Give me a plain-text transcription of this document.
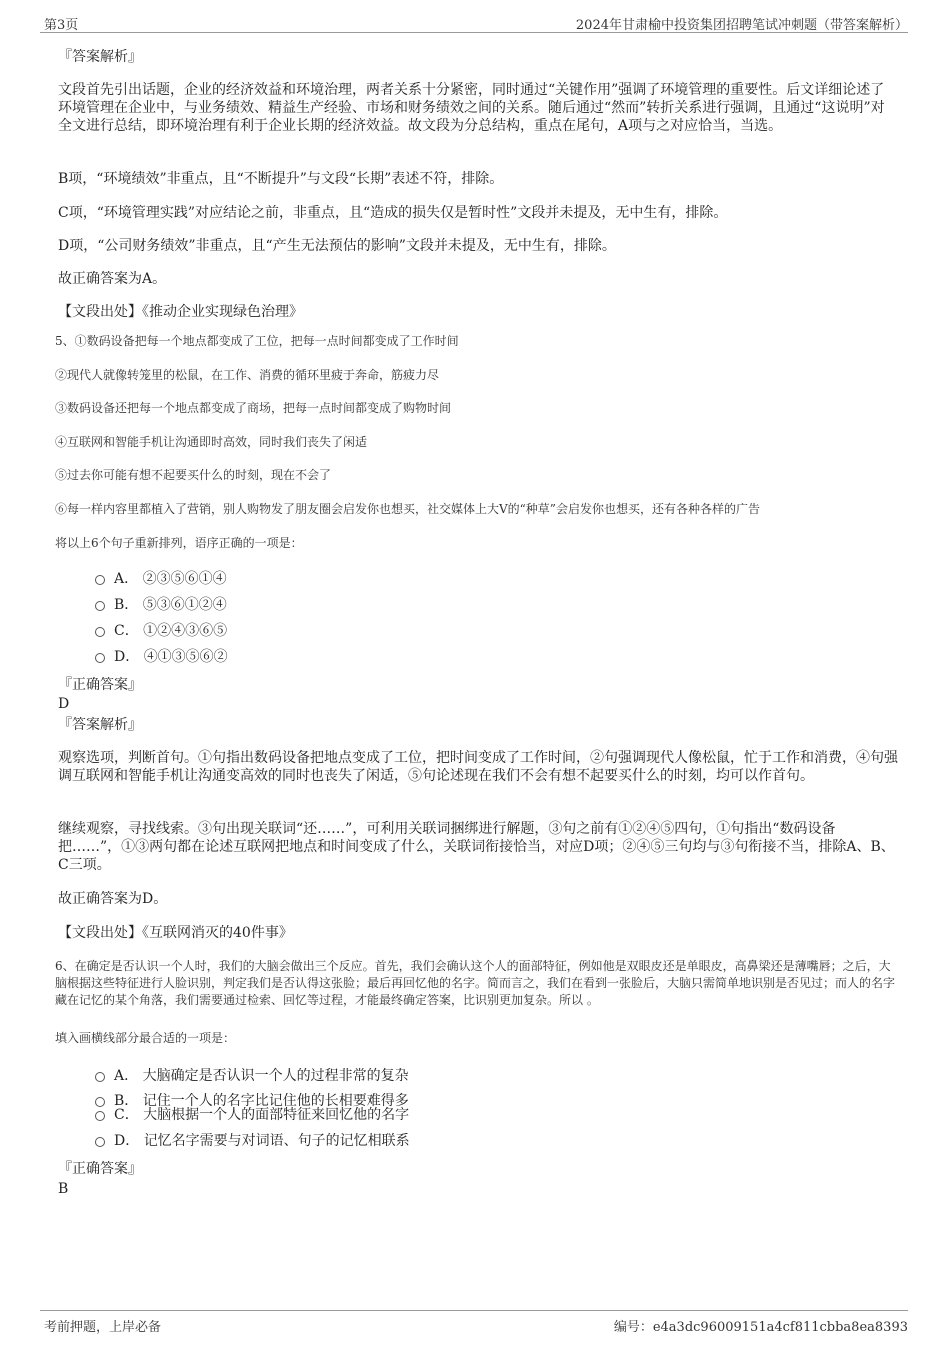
第3页	2024年甘肃榆中投资集团招聘笔试冲刺题（带答案解析）
『答案解析』
文段首先引出话题，企业的经济效益和环境治理，两者关系十分紧密，同时通过“关键作用”强调了环境管理的重要性。后文详细论述了环境管理在企业中，与业务绩效、精益生产经验、市场和财务绩效之间的关系。随后通过“然而”转折关系进行强调，且通过“这说明”对全文进行总结，即环境治理有利于企业长期的经济效益。故文段为分总结构，重点在尾句，A项与之对应恰当，当选。
B项，“环境绩效”非重点，且“不断提升”与文段“长期”表述不符，排除。
C项，“环境管理实践”对应结论之前，非重点，且“造成的损失仅是暂时性”文段并未提及，无中生有，排除。
D项，“公司财务绩效”非重点，且“产生无法预估的影响”文段并未提及，无中生有，排除。
故正确答案为A。
【文段出处】《推动企业实现绿色治理》
5、①数码设备把每一个地点都变成了工位，把每一点时间都变成了工作时间
②现代人就像转笼里的松鼠，在工作、消费的循环里疲于奔命，筋疲力尽
③数码设备还把每一个地点都变成了商场，把每一点时间都变成了购物时间
④互联网和智能手机让沟通即时高效，同时我们丧失了闲适
⑤过去你可能有想不起要买什么的时刻，现在不会了
⑥每一样内容里都植入了营销，别人购物发了朋友圈会启发你也想买，社交媒体上大V的“种草”会启发你也想买，还有各种各样的广告
将以上6个句子重新排列，语序正确的一项是：
A． ②③⑤⑥①④
B． ⑤③⑥①②④
C． ①②④③⑥⑤
D． ④①③⑤⑥②
『正确答案』
D
『答案解析』
观察选项，判断首句。①句指出数码设备把地点变成了工位，把时间变成了工作时间，②句强调现代人像松鼠，忙于工作和消费，④句强调互联网和智能手机让沟通变高效的同时也丧失了闲适，⑤句论述现在我们不会有想不起要买什么的时刻，均可以作首句。
继续观察，寻找线索。③句出现关联词“还……”，可利用关联词捆绑进行解题，③句之前有①②④⑤四句，①句指出“数码设备把……”，①③两句都在论述互联网把地点和时间变成了什么，关联词衔接恰当，对应D项；②④⑤三句均与③句衔接不当，排除A、B、C三项。
故正确答案为D。
【文段出处】《互联网消灭的40件事》
6、在确定是否认识一个人时，我们的大脑会做出三个反应。首先，我们会确认这个人的面部特征，例如他是双眼皮还是单眼皮，高鼻梁还是薄嘴唇；之后，大脑根据这些特征进行人脸识别，判定我们是否认得这张脸；最后再回忆他的名字。简而言之，我们在看到一张脸后，大脑只需简单地识别是否见过；而人的名字藏在记忆的某个角落，我们需要通过检索、回忆等过程，才能最终确定答案，比识别更加复杂。所以 。
填入画横线部分最合适的一项是：
A． 大脑确定是否认识一个人的过程非常的复杂
B． 记住一个人的名字比记住他的长相要难得多
C． 大脑根据一个人的面部特征来回忆他的名字
D． 记忆名字需要与对词语、句子的记忆相联系
『正确答案』
B
考前押题，上岸必备	编号：e4a3dc96009151a4cf811cbba8ea8393
